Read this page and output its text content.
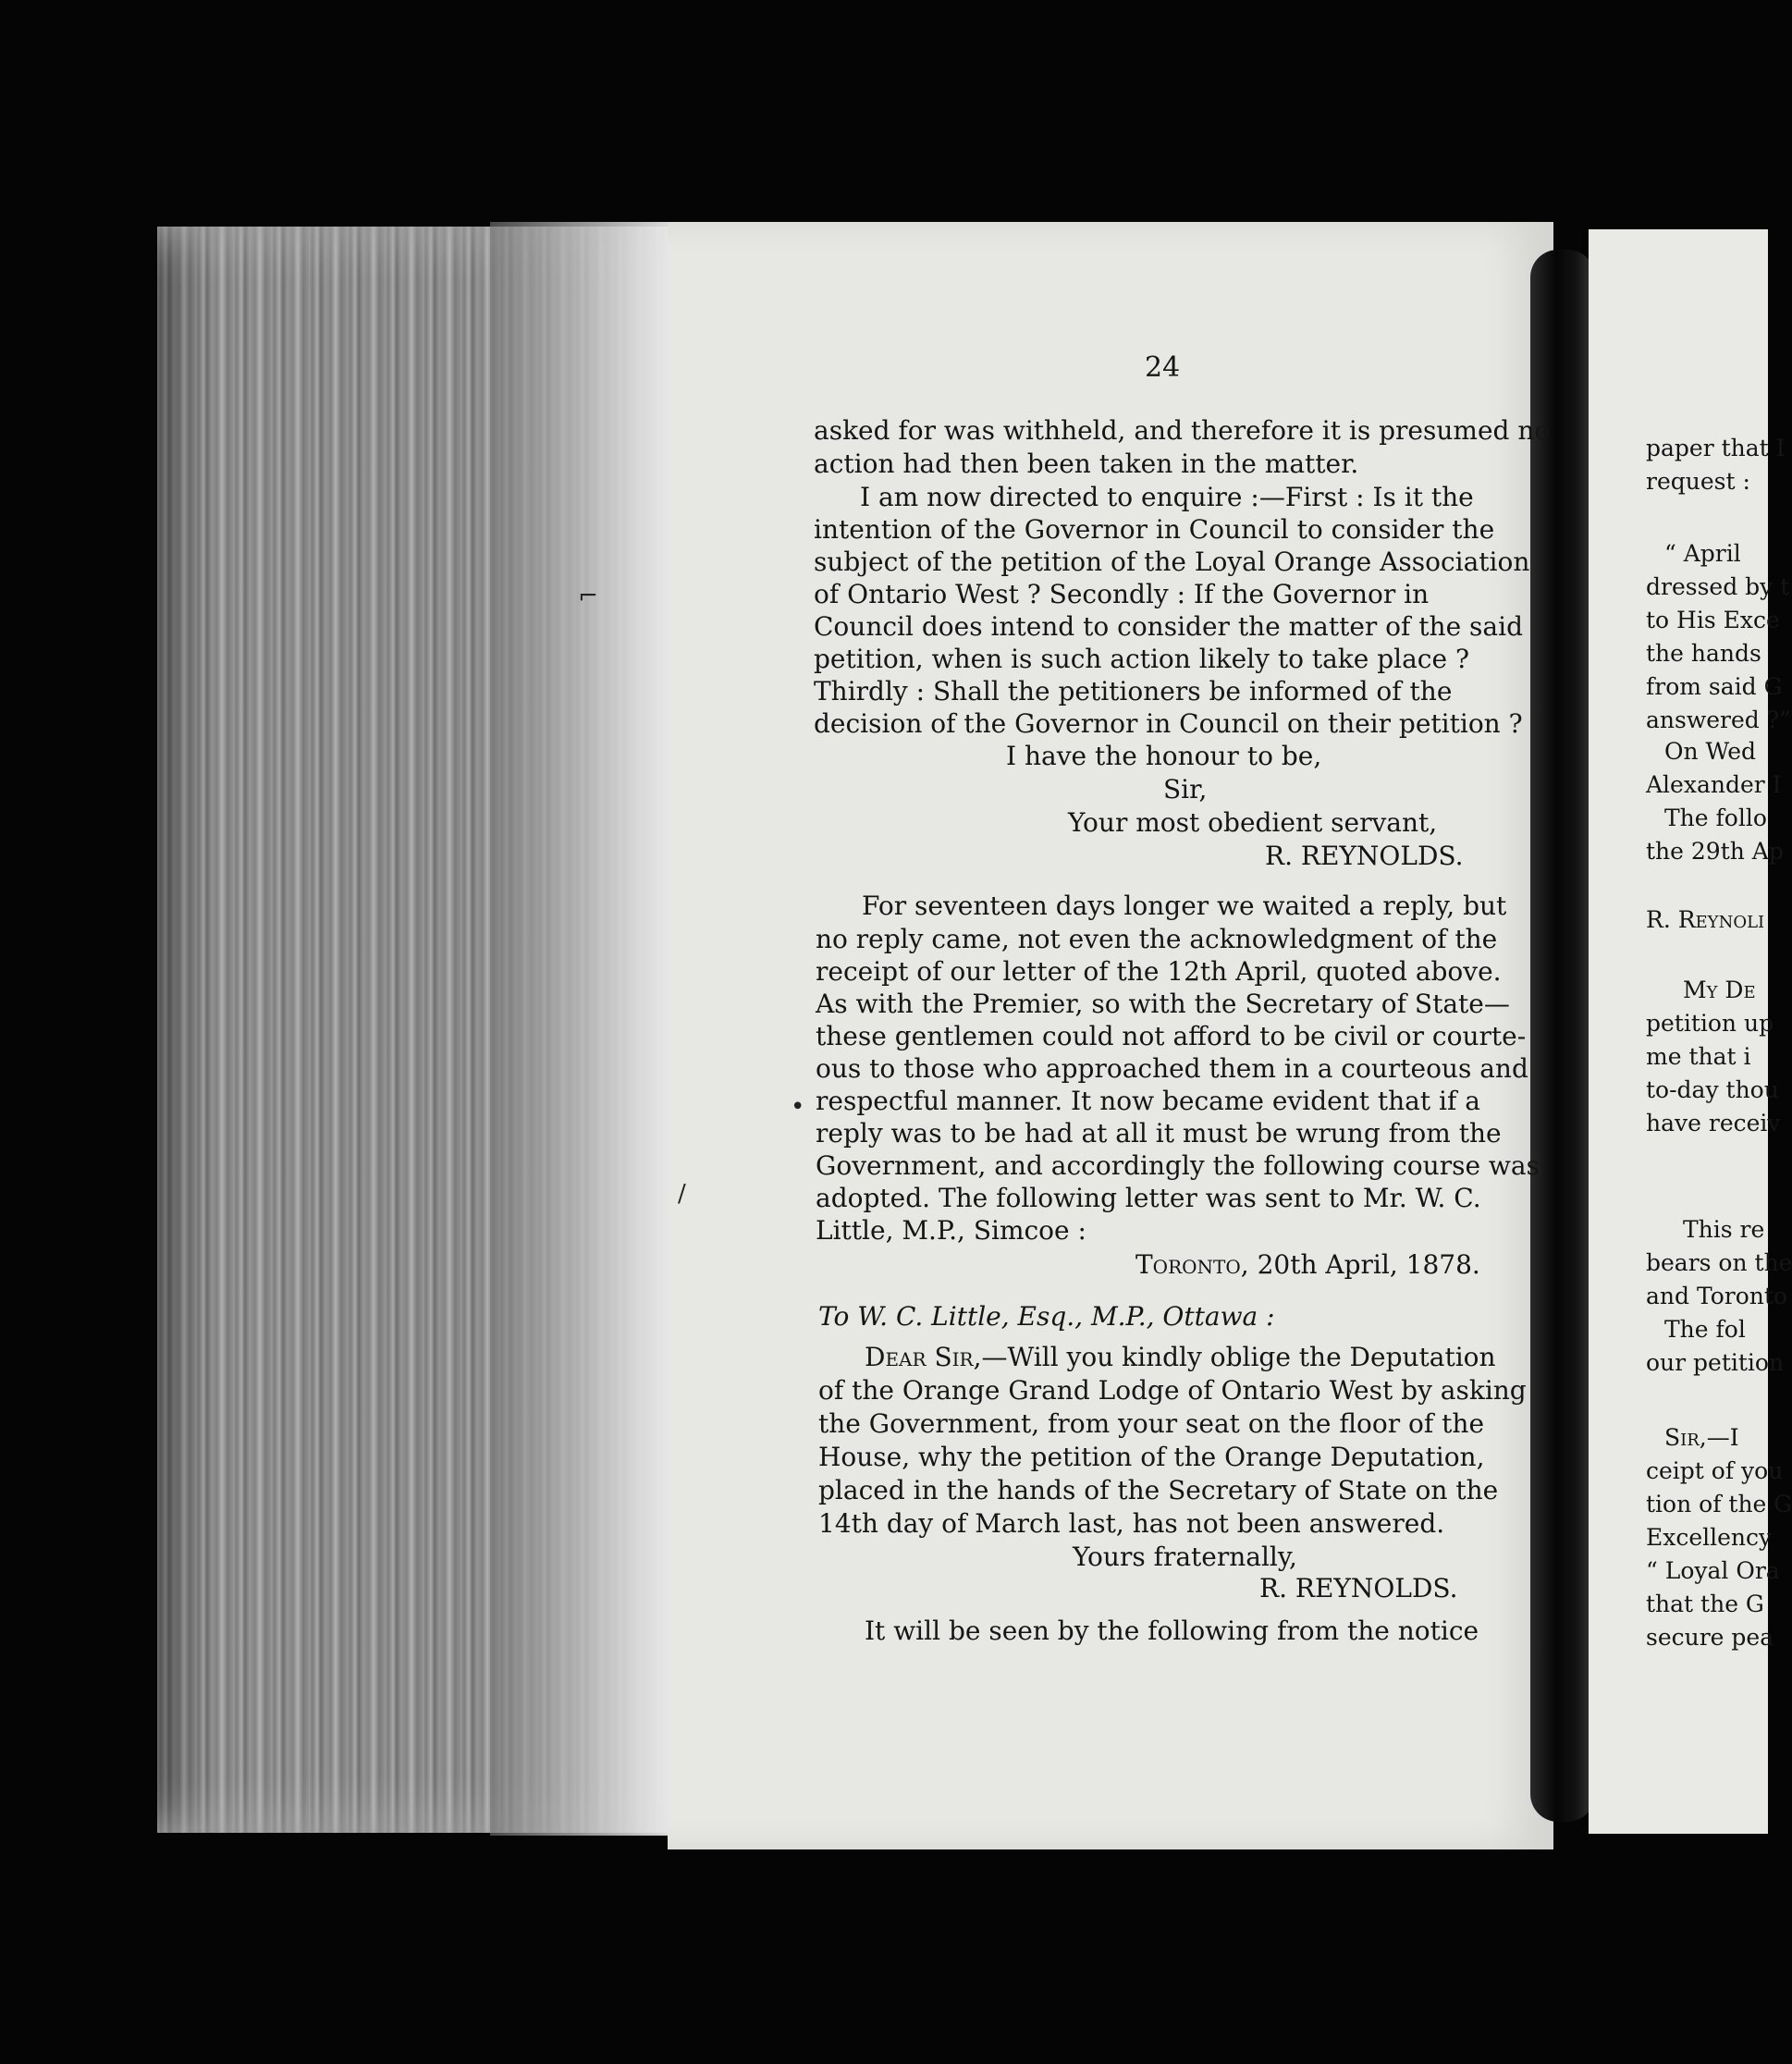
24
asked for was withheld, and therefore it is presumed no
action had then been taken in the matter.
I am now directed to enquire :—First : Is it the
intention of the Governor in Council to consider the
subject of the petition of the Loyal Orange Association
of Ontario West ? Secondly : If the Governor in
Council does intend to consider the matter of the said
petition, when is such action likely to take place ?
Thirdly : Shall the petitioners be informed of the
decision of the Governor in Council on their petition ?
I have the honour to be,
Sir,
Your most obedient servant,
R. REYNOLDS.
For seventeen days longer we waited a reply, but
no reply came, not even the acknowledgment of the
receipt of our letter of the 12th April, quoted above.
As with the Premier, so with the Secretary of State—
these gentlemen could not afford to be civil or courte-
ous to those who approached them in a courteous and
respectful manner. It now became evident that if a
reply was to be had at all it must be wrung from the
Government, and accordingly the following course was
adopted. The following letter was sent to Mr. W. C.
Little, M.P., Simcoe :
Toronto, 20th April, 1878.
To W. C. Little, Esq., M.P., Ottawa :
Dear Sir,—Will you kindly oblige the Deputation
of the Orange Grand Lodge of Ontario West by asking
the Government, from your seat on the floor of the
House, why the petition of the Orange Deputation,
placed in the hands of the Secretary of State on the
14th day of March last, has not been answered.
Yours fraternally,
R. REYNOLDS.
It will be seen by the following from the notice
⌐
•
/
paper that I
request :
“ April
dressed by t
to His Exce
the hands
from said G
answered ?”
On Wed
Alexander I
The follo
the 29th Ap
R. Reynoli
My De
petition up
me that i
to-day thou
have receiv
This re
bears on the
and Toronto
The fol
our petition
Sir,—I
ceipt of you
tion of the G
Excellency
“ Loyal Ora
that the G
secure pea
